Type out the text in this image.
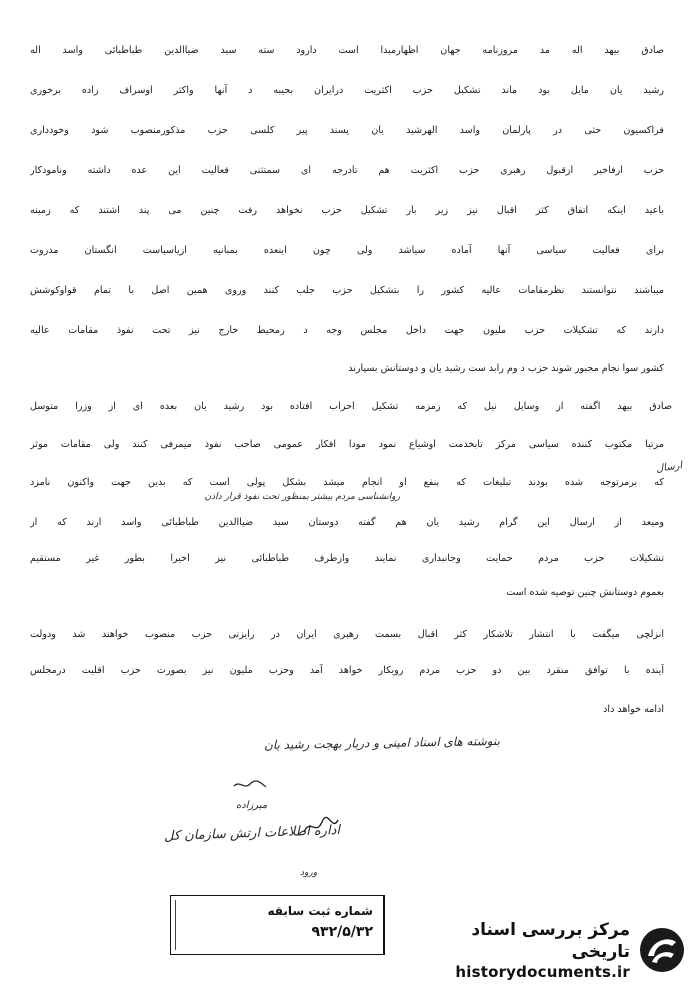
صادق بیهد اله مد مروزنامه جهان اظهارمیدا است دارود سته سید ضیاالدین طباطبائی واسد اله
رشید یان مایل بود ماند تشکیل حزب اکثریت درایران بحیبه د آنها واکثر اوسراف زاده برخوری
فراکسیون حثی در پارلمان واسد الهرشید یان پسند پیر کلسی حزب مذکورمنصوب شود وخودداری
حزب ارفاخیر ازقبول رهبری حزب اکثریت هم تادرجه ای سمتثنی فعالیت این عده داشته ونامودکار
باعید اینکه اتفاق کثر اقبال نیز زیر بار تشکیل حزب نخواهد رفت چنین می پند اشتند که زمینه
برای فعالیت سیاسی آنها آماده سیاشد ولی چون اینعده بمبانیه ازیاسیاست انگستان مدروت
میباشند نتوانستند نظرمقامات عالیه کشور را بتشکیل حزب جلب کنند وروی همین اصل با تمام قواوکوشش
دارند که تشکیلات حزب ملیون جهت داخل مجلس وجه د رمحیط خارج نیز تحت نفوذ مقامات عالیه
کشور سوا نجام مجبور شوند حزب د وم رابد ست رشید یان و دوستانش بسپارند
صادق بیهد اگفته از وسایل نیل که زمزمه تشکیل احزاب افتاده بود رشید یان بعده ای از وزرا متوسل
مرتبا مکتوب کننده سیاسی مرکز تابخدمت اوشیاع نمود مودا افکار عمومی صاحب نفوذ میمرفی کنند ولی مقامات موثر
که برمرتوجه شده بودند تبلیغات که بنفع او انجام میشد بشکل پولی است که بدین جهت واکنون نامزد
ومیعد از ارسال این گرام رشید یان هم گفته دوستان سید ضیاالدین طباطبائی واسد ارند که از
تشکیلات حزب مردم حمایت وجانبداری نمایند وازطرف طباطبائی نیز اخیرا بطور غیر مستقیم
بعموم دوستانش چنین توصیه شده است
انزلچی میگفت با انتشار تلاشکار کثر اقبال بسمت رهبری ایران در رایزنی حزب منصوب خواهند شد ودولت
آینده با توافق منقرد بین دو حزب مردم رویکار خواهد آمد وحزب ملیون نیز بصورت حزب اقلیت درمجلس
ادامه خواهد داد
ارسال
روانشناسی مردم بیشتر بمنظور تحت نفوذ قرار دادن
بنوشته های اسناد امینی و دربار بهجت رشید یان
میرزاده
اداره اطلاعات ارتش سازمان کل
ورود
شماره ثبت سابقه
۹۳۲/۵/۳۲	مرکز بررسی اسناد تاریخی
historydocuments.ir
